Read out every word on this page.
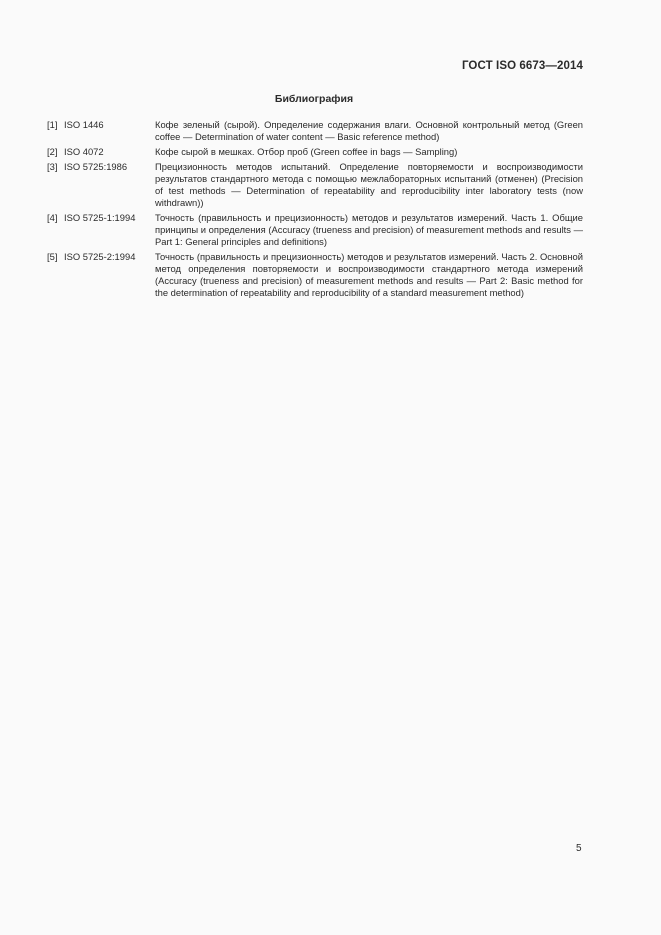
ГОСТ ISO 6673—2014
Библиография
[1] ISO 1446	Кофе зеленый (сырой). Определение содержания влаги. Основной контрольный метод (Green coffee — Determination of water content — Basic reference method)
[2] ISO 4072	Кофе сырой в мешках. Отбор проб (Green coffee in bags — Sampling)
[3] ISO 5725:1986	Прецизионность методов испытаний. Определение повторяемости и воспроизводимости результатов стандартного метода с помощью межлабораторных испытаний (отменен) (Precision of test methods — Determination of repeatability and reproducibility inter laboratory tests (now withdrawn))
[4] ISO 5725-1:1994	Точность (правильность и прецизионность) методов и результатов измерений. Часть 1. Общие принципы и определения (Accuracy (trueness and precision) of measurement methods and results — Part 1: General principles and definitions)
[5] ISO 5725-2:1994	Точность (правильность и прецизионность) методов и результатов измерений. Часть 2. Основной метод определения повторяемости и воспроизводимости стандартного метода измерений (Accuracy (trueness and precision) of measurement methods and results — Part 2: Basic method for the determination of repeatability and reproducibility of a standard measurement method)
5
